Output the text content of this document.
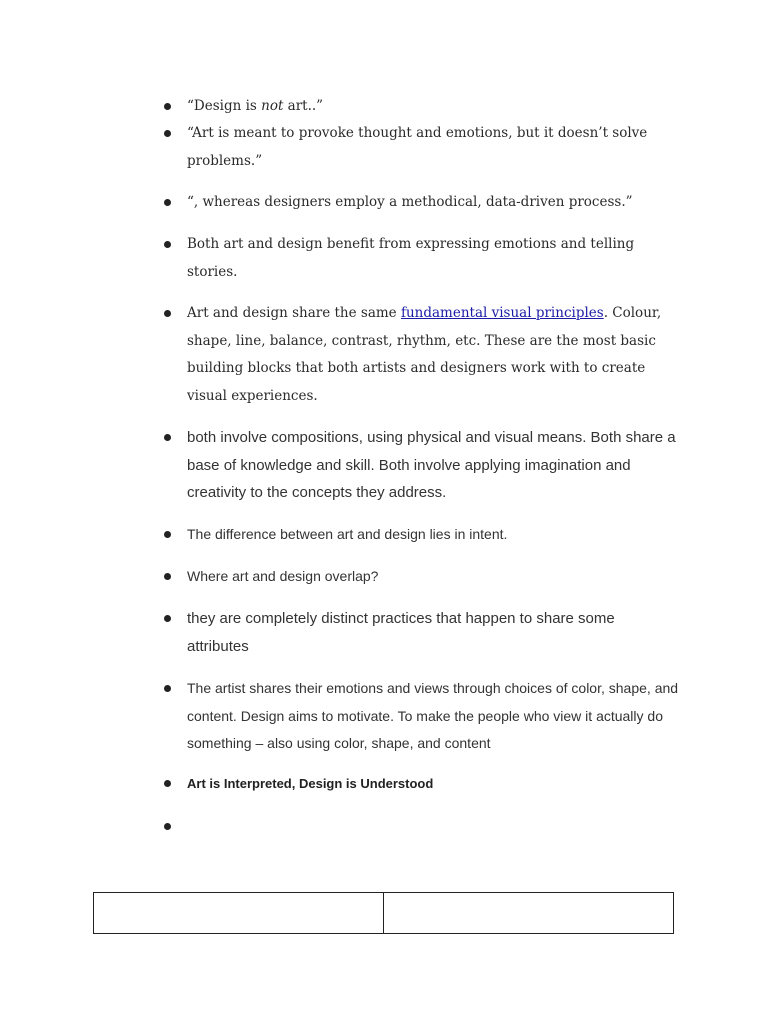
“Design is not art..”
“Art is meant to provoke thought and emotions, but it doesn’t solve problems.”
“, whereas designers employ a methodical, data-driven process.”
Both art and design benefit from expressing emotions and telling stories.
Art and design share the same fundamental visual principles. Colour, shape, line, balance, contrast, rhythm, etc. These are the most basic building blocks that both artists and designers work with to create visual experiences.
both involve compositions, using physical and visual means. Both share a base of knowledge and skill. Both involve applying imagination and creativity to the concepts they address.
The difference between art and design lies in intent.
Where art and design overlap?
they are completely distinct practices that happen to share some attributes
The artist shares their emotions and views through choices of color, shape, and content. Design aims to motivate. To make the people who view it actually do something – also using color, shape, and content
Art is Interpreted, Design is Understood
